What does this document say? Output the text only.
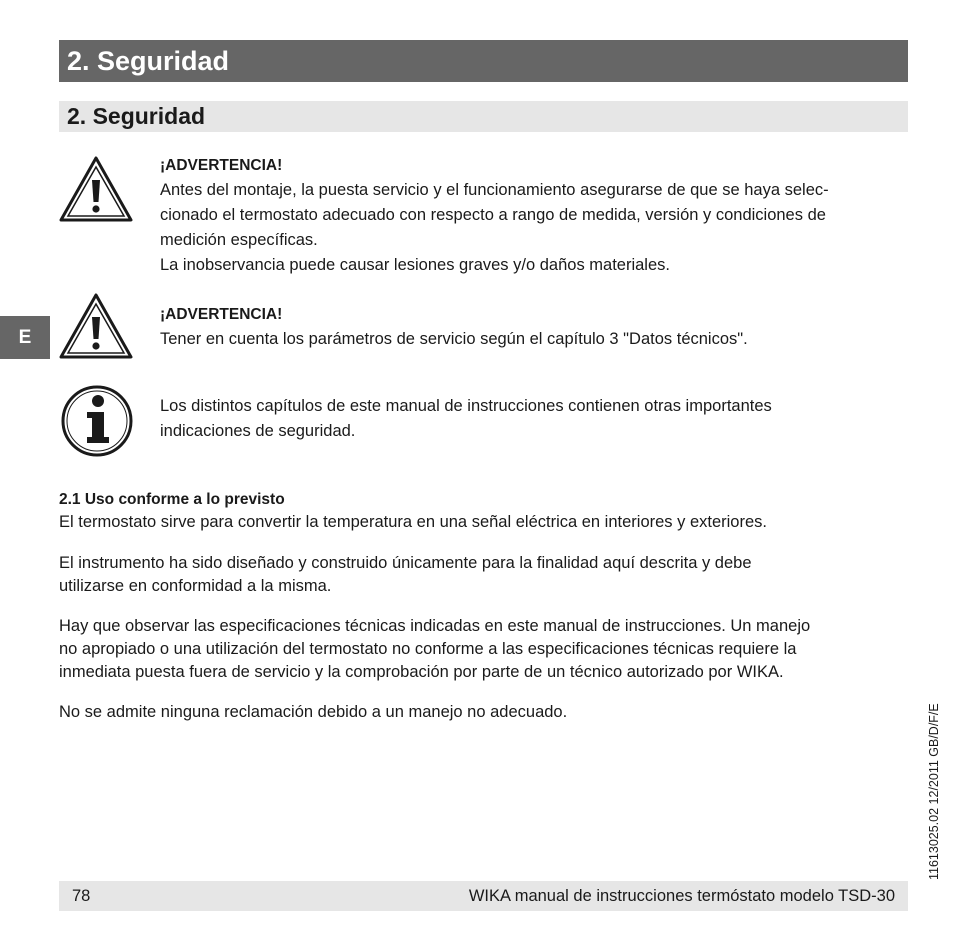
2. Seguridad
2. Seguridad
E
¡ADVERTENCIA!
Antes del montaje, la puesta servicio y el funcionamiento asegurarse de que se haya selec-
cionado el termostato adecuado con respecto a rango de medida, versión y condiciones de
medición específicas.
La inobservancia puede causar lesiones graves y/o daños materiales.
¡ADVERTENCIA!
Tener en cuenta los parámetros de servicio según el capítulo 3 "Datos técnicos".
Los distintos capítulos de este manual de instrucciones contienen otras importantes
indicaciones de seguridad.
2.1 Uso conforme a lo previsto
El termostato sirve para convertir la temperatura en una señal eléctrica en interiores y exteriores.
El instrumento ha sido diseñado y construido únicamente para la finalidad aquí descrita y debe
utilizarse en conformidad a la misma.
Hay que observar las especificaciones técnicas indicadas en este manual de instrucciones. Un manejo
no apropiado o una utilización del termostato no conforme a las especificaciones técnicas requiere la
inmediata puesta fuera de servicio y la comprobación por parte de un técnico autorizado por WIKA.
No se admite ninguna reclamación debido a un manejo no adecuado.
78	WIKA manual de instrucciones termóstato modelo TSD-30
11613025.02 12/2011 GB/D/F/E
